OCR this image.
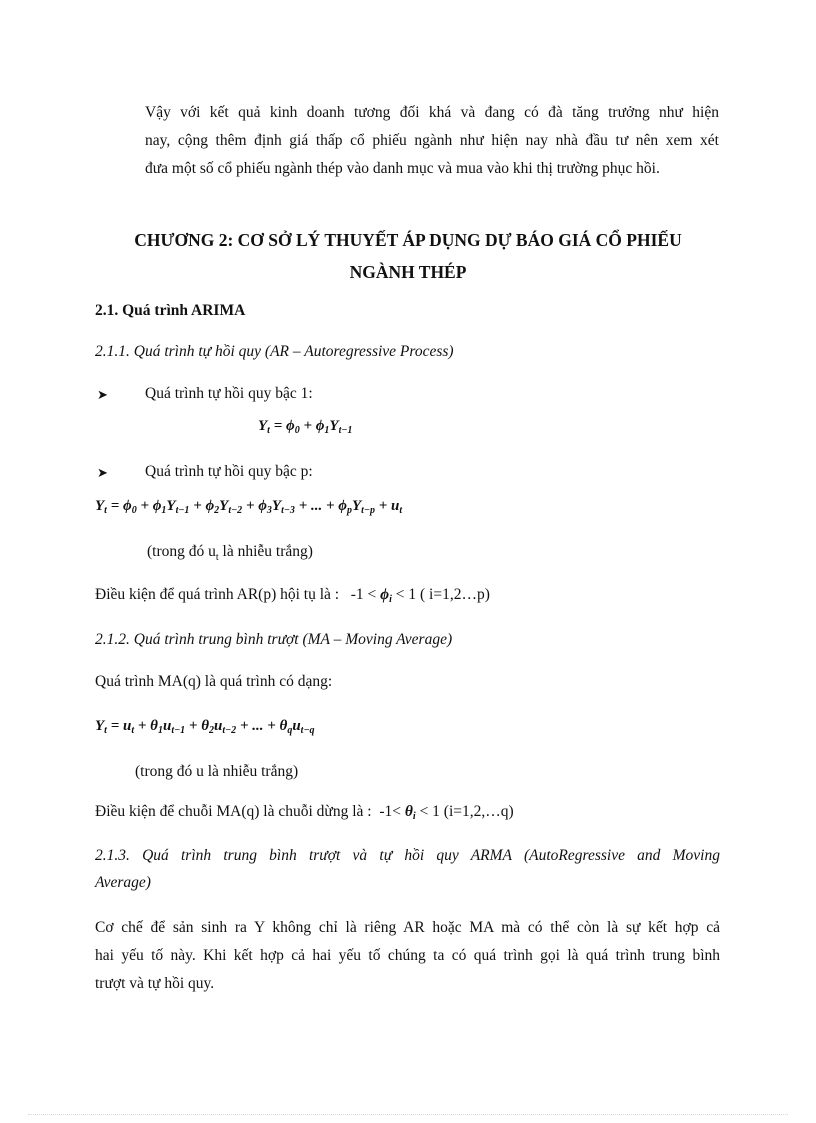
Vậy với kết quả kinh doanh tương đối khá và đang có đà tăng trưởng như hiện
nay, cộng thêm định giá thấp cổ phiếu ngành như hiện nay nhà đầu tư nên xem xét
đưa một số cổ phiếu ngành thép vào danh mục và mua vào khi thị trường phục hồi.
CHƯƠNG 2: CƠ SỞ LÝ THUYẾT ÁP DỤNG DỰ BÁO GIÁ CỔ PHIẾU
NGÀNH THÉP
2.1. Quá trình ARIMA
2.1.1. Quá trình tự hồi quy (AR – Autoregressive Process)
➤ Quá trình tự hồi quy bậc 1:
$Y_t = \phi_0 + \phi_1Y_{t-1}$
➤ Quá trình tự hồi quy bậc p:
$Y_t = \phi_0 + \phi_1Y_{t-1} + \phi_2Y_{t-2} + \phi_3Y_{t-3}$ + ... + $\phi_pY_{t-p} + u_t$
(trong đó $u_t$ là nhiễu trắng)
Điều kiện để quá trình AR(p) hội tụ là : $-1 < \phi_i < 1$ ( i=1,2…p)
2.1.2. Quá trình trung bình trượt (MA – Moving Average)
Quá trình MA(q) là quá trình có dạng:
$Y_t = u_t + \theta_1u_{t-1} + \theta_2u_{t-2}$ + ... + $\theta_qu_{t-q}$
(trong đó u là nhiễu trắng)
Điều kiện để chuỗi MA(q) là chuỗi dừng là : $-1< \theta_i < 1$ (i=1,2,…q)
2.1.3. Quá trình trung bình trượt và tự hồi quy ARMA (AutoRegressive and Moving
Average)
Cơ chế để sản sinh ra Y không chỉ là riêng AR hoặc MA mà có thể còn là sự kết hợp cả
hai yếu tố này. Khi kết hợp cả hai yếu tố chúng ta có quá trình gọi là quá trình trung bình
trượt và tự hồi quy.
